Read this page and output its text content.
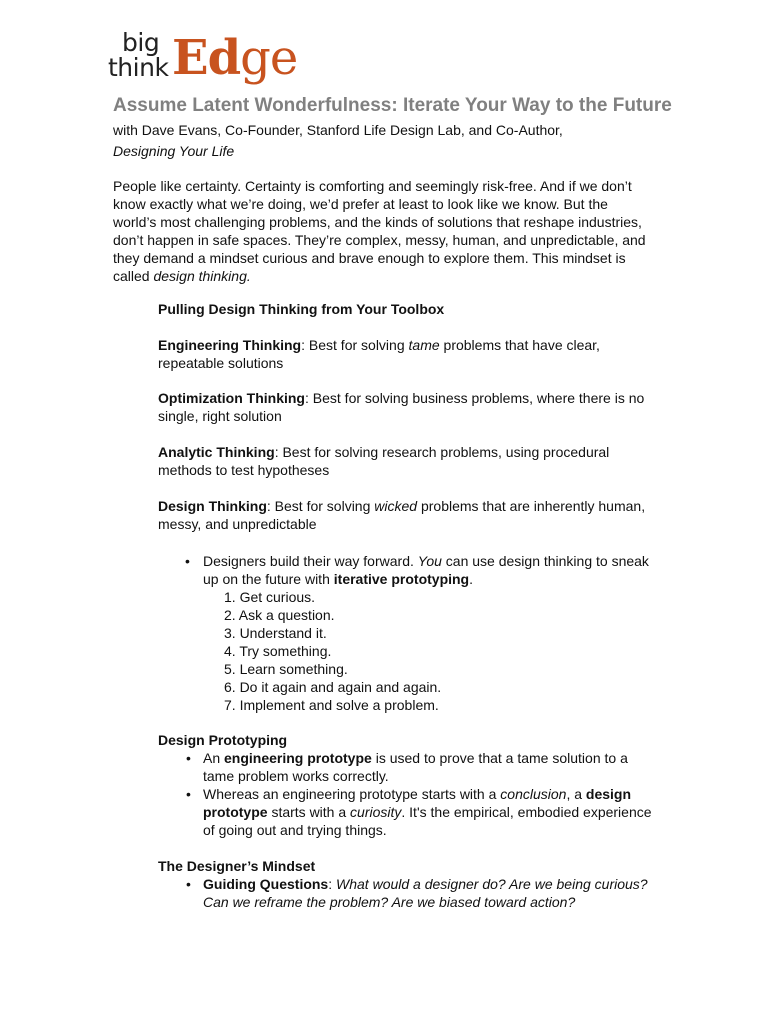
big
think Edge
Assume Latent Wonderfulness: Iterate Your Way to the Future with Dave Evans, Co-Founder, Stanford Life Design Lab, and Co-Author,
Designing Your Life

People like certainty. Certainty is comforting and seemingly risk-free. And if we don’t know exactly what we’re doing, we’d prefer at least to look like we know. But the world’s most challenging problems, and the kinds of solutions that reshape industries, don’t happen in safe spaces. They’re complex, messy, human, and unpredictable, and they demand a mindset curious and brave enough to explore them. This mindset is called design thinking.

Pulling Design Thinking from Your Toolbox

Engineering Thinking: Best for solving tame problems that have clear, repeatable solutions

Optimization Thinking: Best for solving business problems, where there is no single, right solution

Analytic Thinking: Best for solving research problems, using procedural methods to test hypotheses

Design Thinking: Best for solving wicked problems that are inherently human, messy, and unpredictable

• Designers build their way forward. You can use design thinking to sneak up on the future with iterative prototyping.
1. Get curious.
2. Ask a question.
3. Understand it.
4. Try something.
5. Learn something.
6. Do it again and again and again.
7. Implement and solve a problem.

Design Prototyping

• An engineering prototype is used to prove that a tame solution to a tame problem works correctly.
• Whereas an engineering prototype starts with a conclusion, a design prototype starts with a curiosity. It's the empirical, embodied experience of going out and trying things.

The Designer’s Mindset

• Guiding Questions: What would a designer do? Are we being curious? Can we reframe the problem? Are we biased toward action?
